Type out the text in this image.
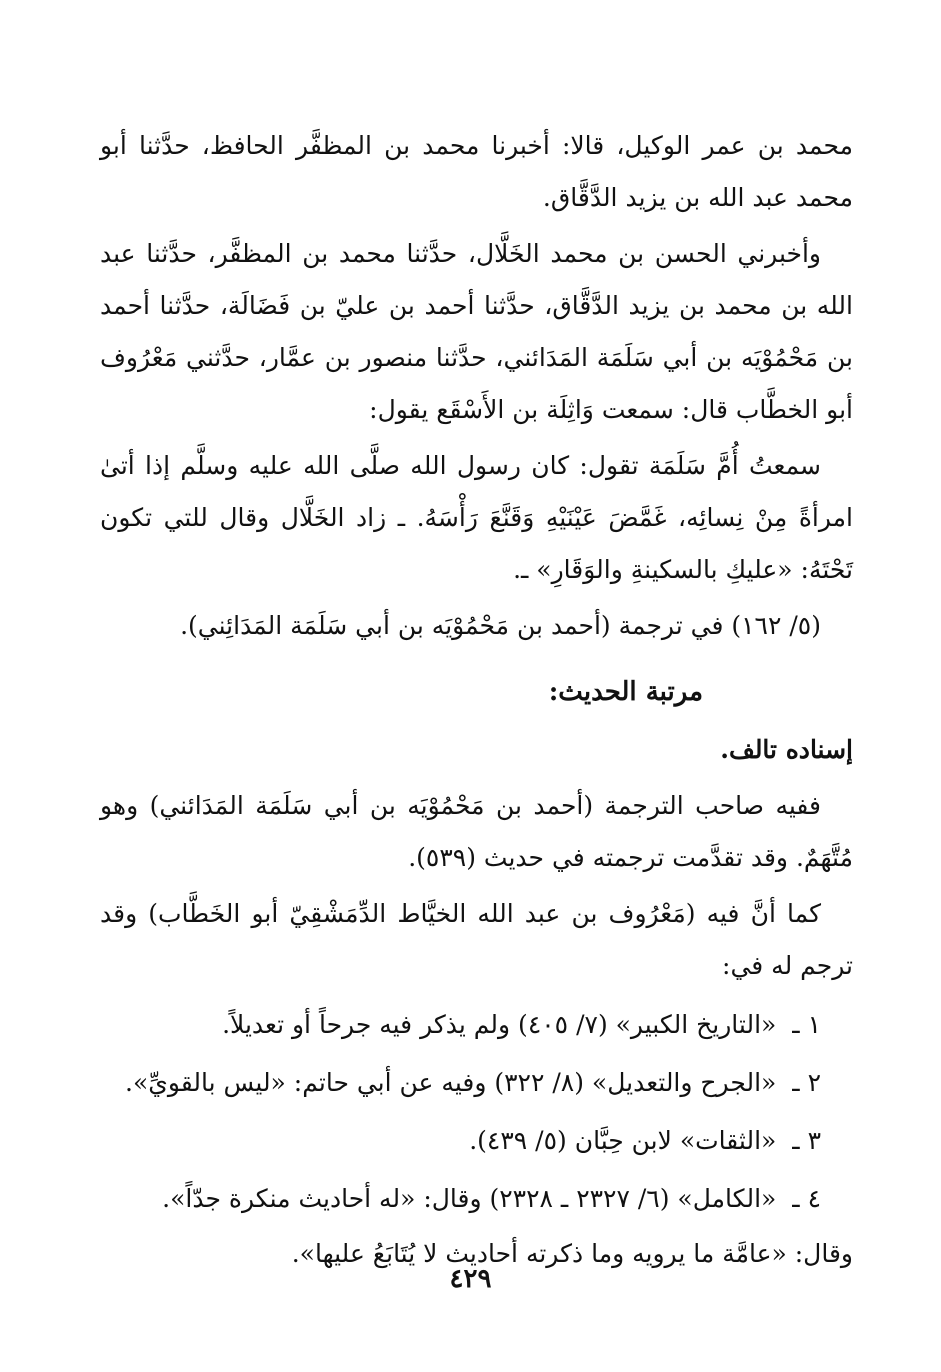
محمد بن عمر الوكيل، قالا: أخبرنا محمد بن المظفَّر الحافظ، حدَّثنا أبو محمد عبد الله بن يزيد الدَّقَّاق.

وأخبرني الحسن بن محمد الخَلَّال، حدَّثنا محمد بن المظفَّر، حدَّثنا عبد الله بن محمد بن يزيد الدَّقَّاق، حدَّثنا أحمد بن عليّ بن فَضَالَة، حدَّثنا أحمد بن مَحْمُوْيَه بن أبي سَلَمَة المَدَائني، حدَّثنا منصور بن عمَّار، حدَّثني مَعْرُوف أبو الخطَّاب قال: سمعت وَاثِلَة بن الأَسْقَع يقول:

سمعتُ أُمَّ سَلَمَة تقول: كان رسول الله صلَّى الله عليه وسلَّم إذا أتىٰ امرأةً مِنْ نِسائِه، غَمَّضَ عَيْنَيْهِ وَقَنَّعَ رَأْسَهُ. ـ زاد الخَلَّال وقال للتي تكون تَحْتَهُ: «عليكِ بالسكينةِ والوَقَارِ» ـ.

(٥/ ١٦٢) في ترجمة (أحمد بن مَحْمُوْيَه بن أبي سَلَمَة المَدَائِني).

مرتبة الحديث:
إسناده تالف.

ففيه صاحب الترجمة (أحمد بن مَحْمُوْيَه بن أبي سَلَمَة المَدَائني) وهو مُتَّهَمٌ. وقد تقدَّمت ترجمته في حديث (٥٣٩).

كما أنَّ فيه (مَعْرُوف بن عبد الله الخيَّاط الدِّمَشْقِيّ أبو الخَطَّاب) وقد ترجم له في:

١ ـ «التاريخ الكبير» (٧/ ٤٠٥) ولم يذكر فيه جرحاً أو تعديلاً.
٢ ـ «الجرح والتعديل» (٨/ ٣٢٢) وفيه عن أبي حاتم: «ليس بالقويِّ».
٣ ـ «الثقات» لابن حِبَّان (٥/ ٤٣٩).
٤ ـ «الكامل» (٦/ ٢٣٢٧ ـ ٢٣٢٨) وقال: «له أحاديث منكرة جدّاً».

وقال: «عامَّة ما يرويه وما ذكرته أحاديث لا يُتَابَعُ عليها».

٤٢٩
